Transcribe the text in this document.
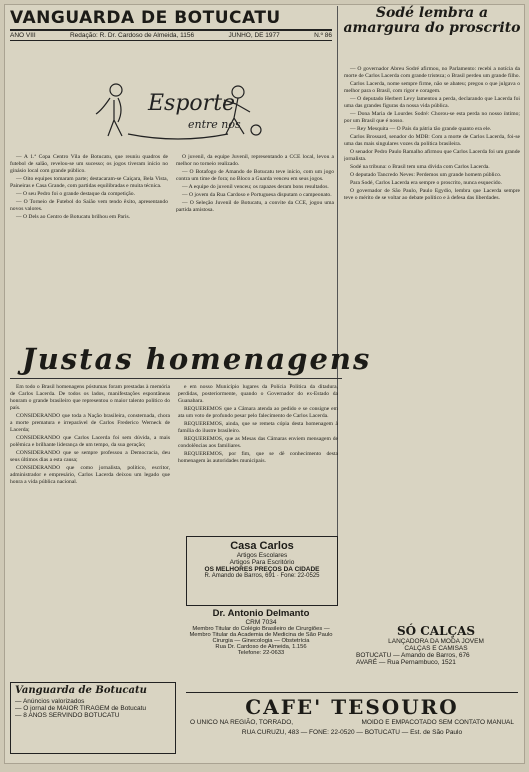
VANGUARDA DE BOTUCATU
ANO VIII	Redação: R. Dr. Cardoso de Almeida, 1156	JUNHO, DE 1977	N.º 86
Sodé lembra a amargura do proscrito
Esporte
entre nós

— A 1.ª Copa Centro Vila de Botucatu, que reuniu quadros de futebol de salão, revelou-se um sucesso; os jogos tiveram início no ginásio local com grande público.

— Oito equipes tomaram parte; destacaram-se Caiçara, Bela Vista, Paineiras e Casa Grande, com partidas equilibradas e muita técnica.

— O seu Pedro foi o grande destaque da competição.

— O Torneio de Futebol do Saião vem tendo êxito, apresentando novos valores.

— O Dels ao Centro de Botucatu brilhou em Paris.

O juvenil, da equipe Juvenil, representando a CCE local, levou a melhor no torneio realizado.

— O Botafogo de Amando de Botucatu teve início, com um jogo contra um time de fora; no Bloco a Guarda venceu em seus jogos.

— A equipe do juvenil venceu; os rapazes deram bons resultados.

— O jovem da Rua Cardoso e Portuguesa disputam o campeonato.

— O Seleção Juvenil de Botucatu, a convite da CCE, jogou uma partida amistosa.

Justas homenagens

Em todo o Brasil homenagens póstumas foram prestadas à memória de Carlos Lacerda. De todos os lados, manifestações espontâneas honram o grande brasileiro que representou o maior talento político do país.

CONSIDERANDO que toda a Nação brasileira, consternada, chora a morte prematura e irreparável de Carlos Frederico Werneck de Lacerda;

CONSIDERANDO que Carlos Lacerda foi sem dúvida, a mais polêmica e brilhante liderança de um tempo, da sua geração;

CONSIDERANDO que se sempre professou a Democracia, deu seus últimos dias a esta causa;

CONSIDERANDO que como jornalista, político, escritor, administrador e empresário, Carlos Lacerda deixou um legado que honra a vida pública nacional.

e em nosso Município lugares da Polícia Política da ditadura, perdidas, posteriormente, quando o Governador do ex-Estado da Guanabara.

REQUEREMOS que a Câmara atenda ao pedido e se consigne em ata um voto de profundo pesar pelo falecimento de Carlos Lacerda.

REQUEREMOS, ainda, que se remeta cópia desta homenagem à família do ilustre brasileiro.

REQUEREMOS, que as Mesas das Câmaras enviem mensagem de condolências aos familiares.

REQUEREMOS, por fim, que se dê conhecimento desta homenagem às autoridades municipais.

— O governador Abreu Sodré afirmou, no Parlamento: recebi a notícia da morte de Carlos Lacerda com grande tristeza; o Brasil perdeu um grande filho.

Carlos Lacerda, nome sempre firme, não se abateu; pregou o que julgava o melhor para o Brasil, com rigor e coragem.

— O deputado Herbert Levy lamentou a perda, declarando que Lacerda foi uma das grandes figuras da nossa vida pública.

— Dona Maria de Lourdes Sodré: Chorou-se esta perda no nosso íntimo; por um Brasil que é nosso.

— Rey Mesquita — O País da pátria tão grande quanto era ele.

Carlos Brossard, senador do MDB: Com a morte de Carlos Lacerda, foi-se uma das mais singulares vozes da política brasileira.

O senador Pedro Paulo Ramalho afirmou que Carlos Lacerda foi um grande jornalista.

Sodé na tribuna: o Brasil tem uma dívida com Carlos Lacerda.

O deputado Tancredo Neves: Perdemos um grande homem público.

Para Sodé, Carlos Lacerda era sempre o proscrito, nunca esquecido.

O governador de São Paulo, Paulo Egydio, lembra que Lacerda sempre teve o mérito de se voltar ao debate político e à defesa das liberdades.

Casa Carlos
Artigos Escolares
Artigos Para Escritório
OS MELHORES PREÇOS DA CIDADE
R. Amando de Barros, 691 · Fone: 22-0525
Dr. Antonio Delmanto
CRM 7034
Membro Titular do Colégio Brasileiro de Cirurgiões — Membro Titular da Academia de Medicina de São Paulo
Cirurgia — Ginecologia — Obstetrícia
Rua Dr. Cardoso de Almeida, 1.156
Telefone: 22-0633
Vanguarda de Botucatu
— Anúncios valorizados
— O jornal de MAIOR TIRAGEM de Botucatu
— 8 ANOS SERVINDO BOTUCATU
SÓ CALÇAS
LANÇADORA DA MODA JOVEM
CALÇAS E CAMISAS
BOTUCATU — Amando de Barros, 676
AVARÉ — Rua Pernambuco, 1521
CAFE' TESOURO
O UNICO NA REGIÃO, TORRADO,	MOIDO E EMPACOTADO SEM CONTATO MANUAL
RUA CURUZU, 483 — FONE: 22-0520 — BOTUCATU — Est. de São Paulo
